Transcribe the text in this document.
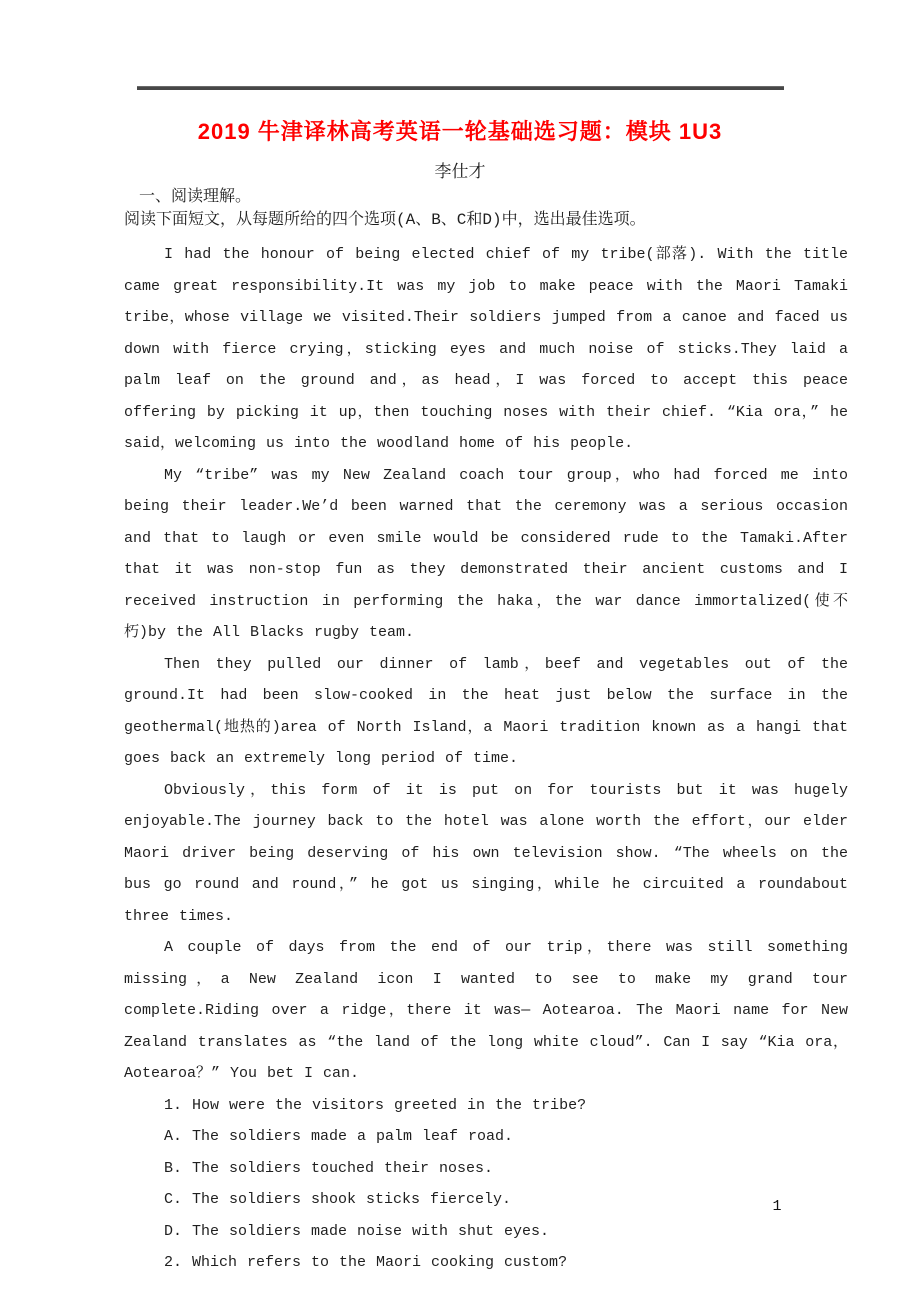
2019 牛津译林高考英语一轮基础选习题：模块 1U3
李仕才
一、阅读理解。
阅读下面短文，从每题所给的四个选项(A、B、C和D)中，选出最佳选项。

I had the honour of being elected chief of my tribe(部落). With the title came great responsibility.It was my job to make peace with the Maori Tamaki tribe，whose village we visited.Their soldiers jumped from a canoe and faced us down with fierce crying，sticking eyes and much noise of sticks.They laid a palm leaf on the ground and，as head，I was forced to accept this peace offering by picking it up，then touching noses with their chief. “Kia ora，” he said，welcoming us into the woodland home of his people.

My “tribe” was my New Zealand coach tour group，who had forced me into being their leader.We’d been warned that the ceremony was a serious occasion and that to laugh or even smile would be considered rude to the Tamaki.After that it was non-stop fun as they demonstrated their ancient customs and I received instruction in performing the haka，the war dance immortalized(使不朽)by the All Blacks rugby team.

Then they pulled our dinner of lamb，beef and vegetables out of the ground.It had been slow-cooked in the heat just below the surface in the geothermal(地热的)area of North Island，a Maori tradition known as a hangi that goes back an extremely long period of time.

Obviously，this form of it is put on for tourists but it was hugely enjoyable.The journey back to the hotel was alone worth the effort，our elder Maori driver being deserving of his own television show. “The wheels on the bus go round and round，” he got us singing，while he circuited a roundabout three times.

A couple of days from the end of our trip，there was still something missing，a New Zealand icon I wanted to see to make my grand tour complete.Riding over a ridge，there it was— Aotearoa. The Maori name for New Zealand translates as “the land of the long white cloud”. Can I say “Kia ora，Aotearoa？” You bet I can.

1. How were the visitors greeted in the tribe?

A. The soldiers made a palm leaf road.

B. The soldiers touched their noses.

C. The soldiers shook sticks fiercely.

D. The soldiers made noise with shut eyes.

2. Which refers to the Maori cooking custom?

1
